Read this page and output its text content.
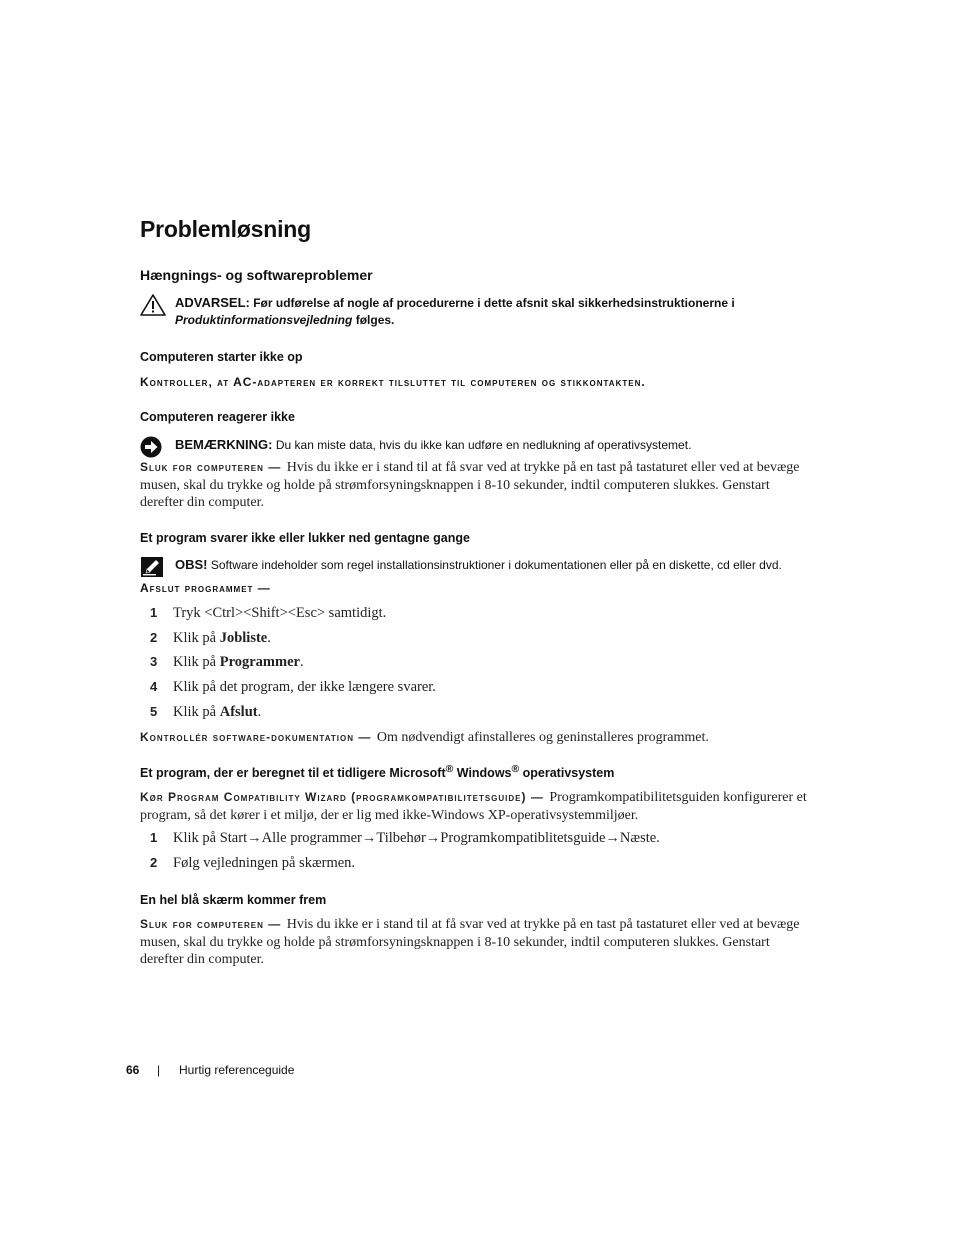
Problemløsning
Hængnings- og softwareproblemer
ADVARSEL: Før udførelse af nogle af procedurerne i dette afsnit skal sikkerhedsinstruktionerne i
Produktinformationsvejledning følges.
Computeren starter ikke op
Kontroller, at AC-adapteren er korrekt tilsluttet til computeren og stikkontakten.
Computeren reagerer ikke
BEMÆRKNING: Du kan miste data, hvis du ikke kan udføre en nedlukning af operativsystemet.
Sluk for computeren — Hvis du ikke er i stand til at få svar ved at trykke på en tast på tastaturet eller ved at bevæge musen, skal du trykke og holde på strømforsyningsknappen i 8-10 sekunder, indtil computeren slukkes. Genstart derefter din computer.
Et program svarer ikke eller lukker ned gentagne gange
OBS! Software indeholder som regel installationsinstruktioner i dokumentationen eller på en diskette, cd eller dvd.
Afslut programmet —
1 Tryk <Ctrl><Shift><Esc> samtidigt.
2 Klik på Jobliste.
3 Klik på Programmer.
4 Klik på det program, der ikke længere svarer.
5 Klik på Afslut.
Kontrollér software-dokumentation — Om nødvendigt afinstalleres og geninstalleres programmet.
Et program, der er beregnet til et tidligere Microsoft® Windows® operativsystem
Kør Program Compatibility Wizard (programkompatibilitetsguide) — Programkompatibilitetsguiden konfigurerer et program, så det kører i et miljø, der er lig med ikke-Windows XP-operativsystemmiljøer.
1 Klik på Start→Alle programmer→Tilbehør→Programkompatiblitetsguide→Næste.
2 Følg vejledningen på skærmen.
En hel blå skærm kommer frem
Sluk for computeren — Hvis du ikke er i stand til at få svar ved at trykke på en tast på tastaturet eller ved at bevæge musen, skal du trykke og holde på strømforsyningsknappen i 8-10 sekunder, indtil computeren slukkes. Genstart derefter din computer.
66 | Hurtig referenceguide
